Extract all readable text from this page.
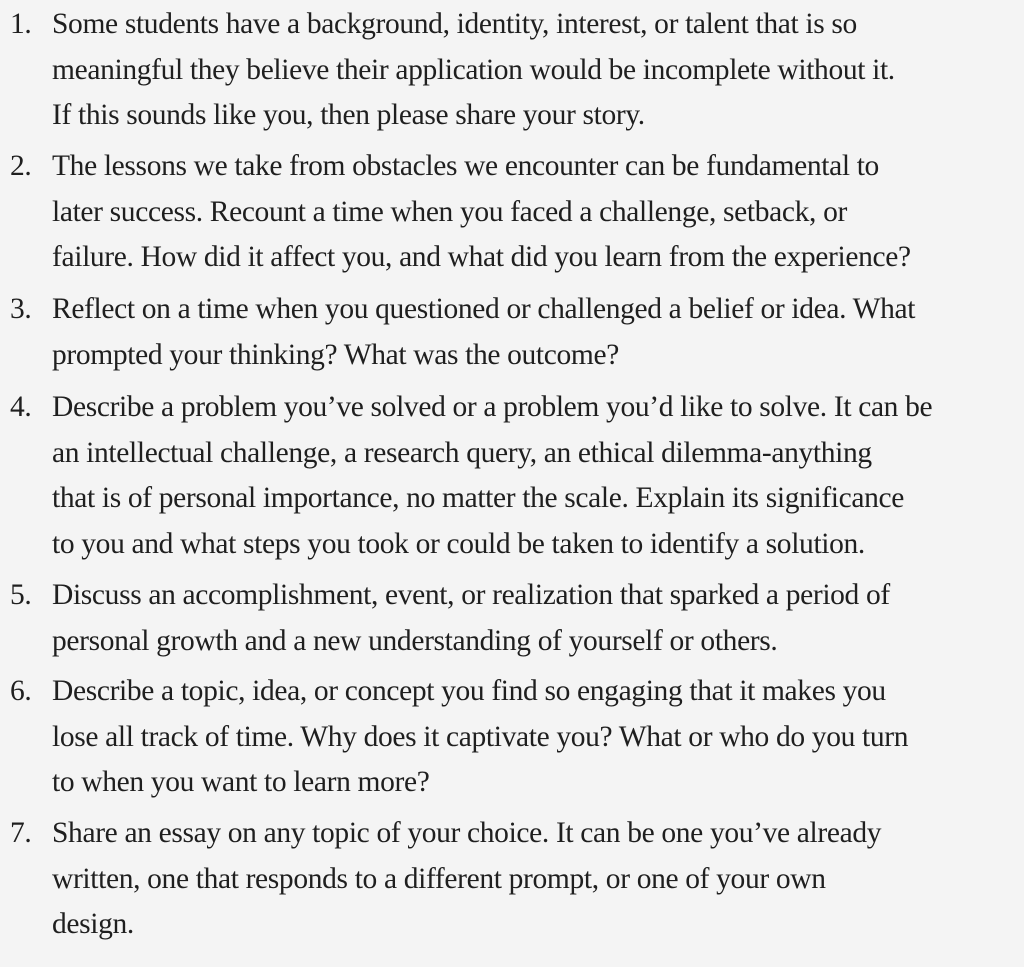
1. Some students have a background, identity, interest, or talent that is so
meaningful they believe their application would be incomplete without it.
If this sounds like you, then please share your story.
2. The lessons we take from obstacles we encounter can be fundamental to
later success. Recount a time when you faced a challenge, setback, or
failure. How did it affect you, and what did you learn from the experience?
3. Reflect on a time when you questioned or challenged a belief or idea. What
prompted your thinking? What was the outcome?
4. Describe a problem you’ve solved or a problem you’d like to solve. It can be
an intellectual challenge, a research query, an ethical dilemma-anything
that is of personal importance, no matter the scale. Explain its significance
to you and what steps you took or could be taken to identify a solution.
5. Discuss an accomplishment, event, or realization that sparked a period of
personal growth and a new understanding of yourself or others.
6. Describe a topic, idea, or concept you find so engaging that it makes you
lose all track of time. Why does it captivate you? What or who do you turn
to when you want to learn more?
7. Share an essay on any topic of your choice. It can be one you’ve already
written, one that responds to a different prompt, or one of your own
design.
